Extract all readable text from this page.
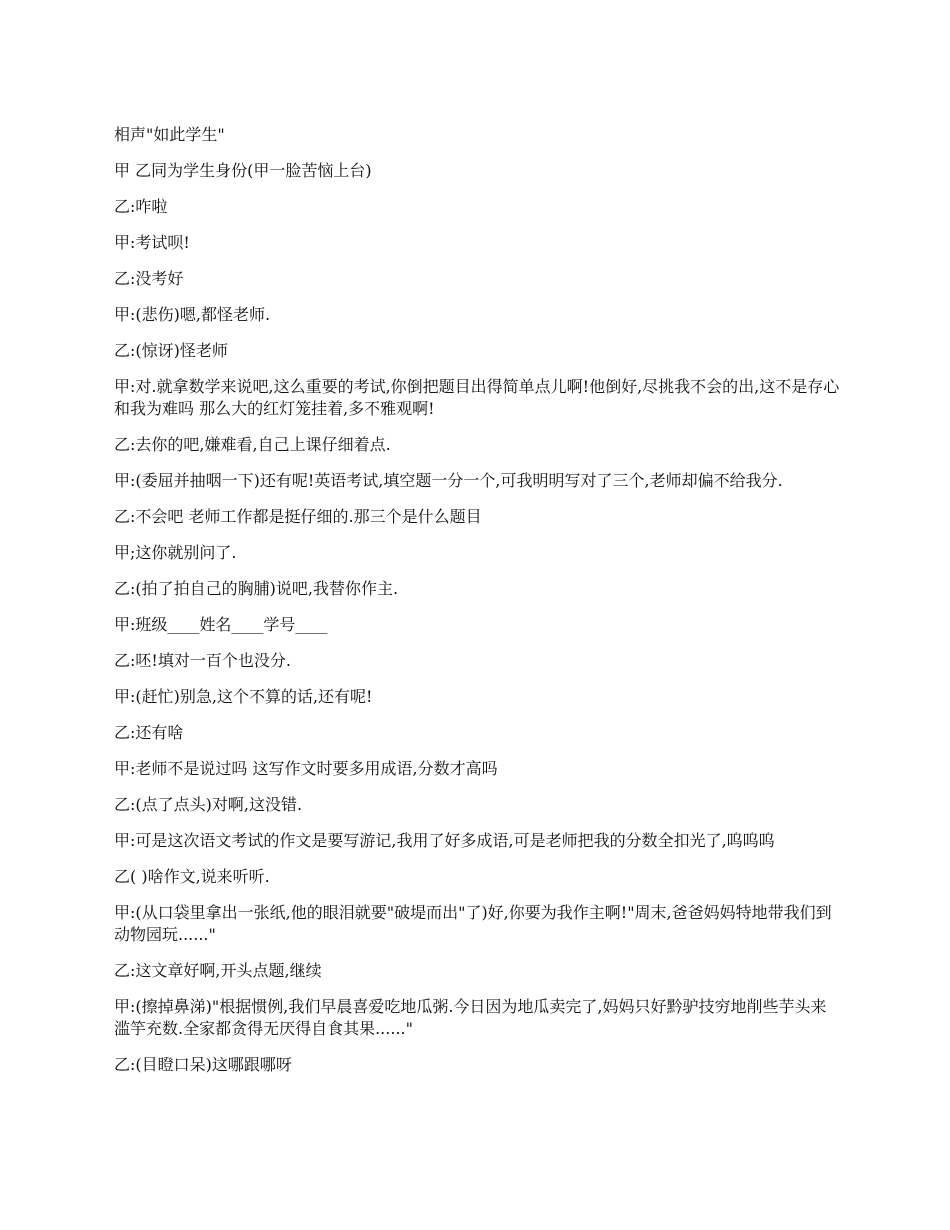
相声"如此学生"

甲 乙同为学生身份(甲一脸苦恼上台)

乙:咋啦

甲:考试呗!

乙:没考好

甲:(悲伤)嗯,都怪老师.

乙:(惊讶)怪老师

甲:对.就拿数学来说吧,这么重要的考试,你倒把题目出得简单点儿啊!他倒好,尽挑我不会的出,这不是存心和我为难吗 那么大的红灯笼挂着,多不雅观啊!

乙:去你的吧,嫌难看,自己上课仔细着点.

甲:(委屈并抽咽一下)还有呢!英语考试,填空题一分一个,可我明明写对了三个,老师却偏不给我分.

乙:不会吧 老师工作都是挺仔细的.那三个是什么题目

甲;这你就别问了.

乙:(拍了拍自己的胸脯)说吧,我替你作主.

甲:班级____姓名____学号____

乙:呸!填对一百个也没分.

甲:(赶忙)别急,这个不算的话,还有呢!

乙:还有啥

甲:老师不是说过吗 这写作文时要多用成语,分数才高吗

乙:(点了点头)对啊,这没错.

甲:可是这次语文考试的作文是要写游记,我用了好多成语,可是老师把我的分数全扣光了,呜呜呜

乙( )啥作文,说来听听.

甲:(从口袋里拿出一张纸,他的眼泪就要"破堤而出"了)好,你要为我作主啊!"周末,爸爸妈妈特地带我们到动物园玩......"

乙:这文章好啊,开头点题,继续

甲:(擦掉鼻涕)"根据惯例,我们早晨喜爱吃地瓜粥.今日因为地瓜卖完了,妈妈只好黔驴技穷地削些芋头来滥竽充数.全家都贪得无厌得自食其果......"

乙:(目瞪口呆)这哪跟哪呀
